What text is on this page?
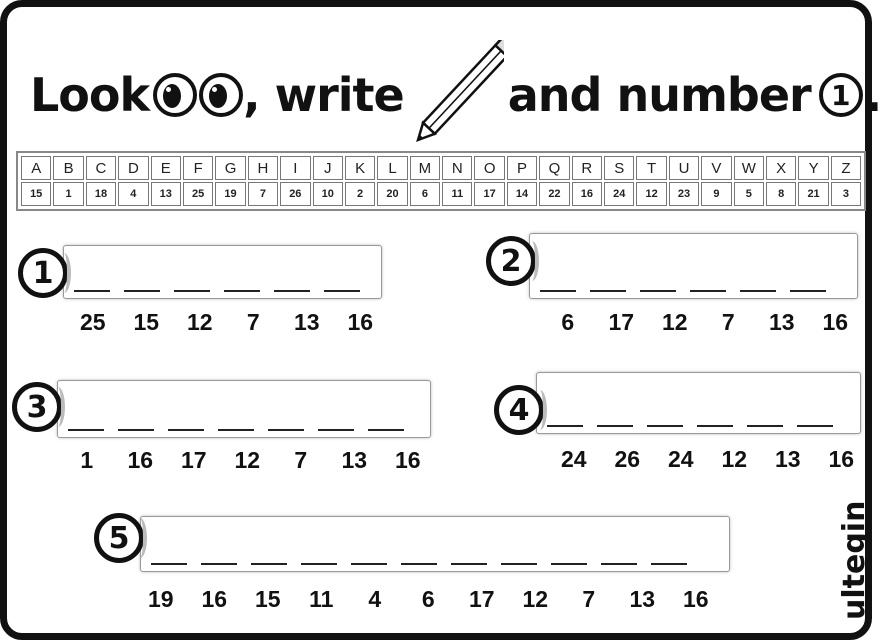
Look , write and number 1 .
A	B	C	D	E	F	G	H	I	J	K	L	M	N	O	P	Q	R	S	T	U	V	W	X	Y	Z
15	1	18	4	13	25	19	7	26	10	2	20	6	11	17	14	22	16	24	12	23	9	5	8	21	3
1
25	15	12	7	13	16
2
6	17	12	7	13	16
3
1	16	17	12	7	13	16
4
24	26	24	12	13	16
5
19	16	15	11	4	6	17	12	7	13	16	ultegin
